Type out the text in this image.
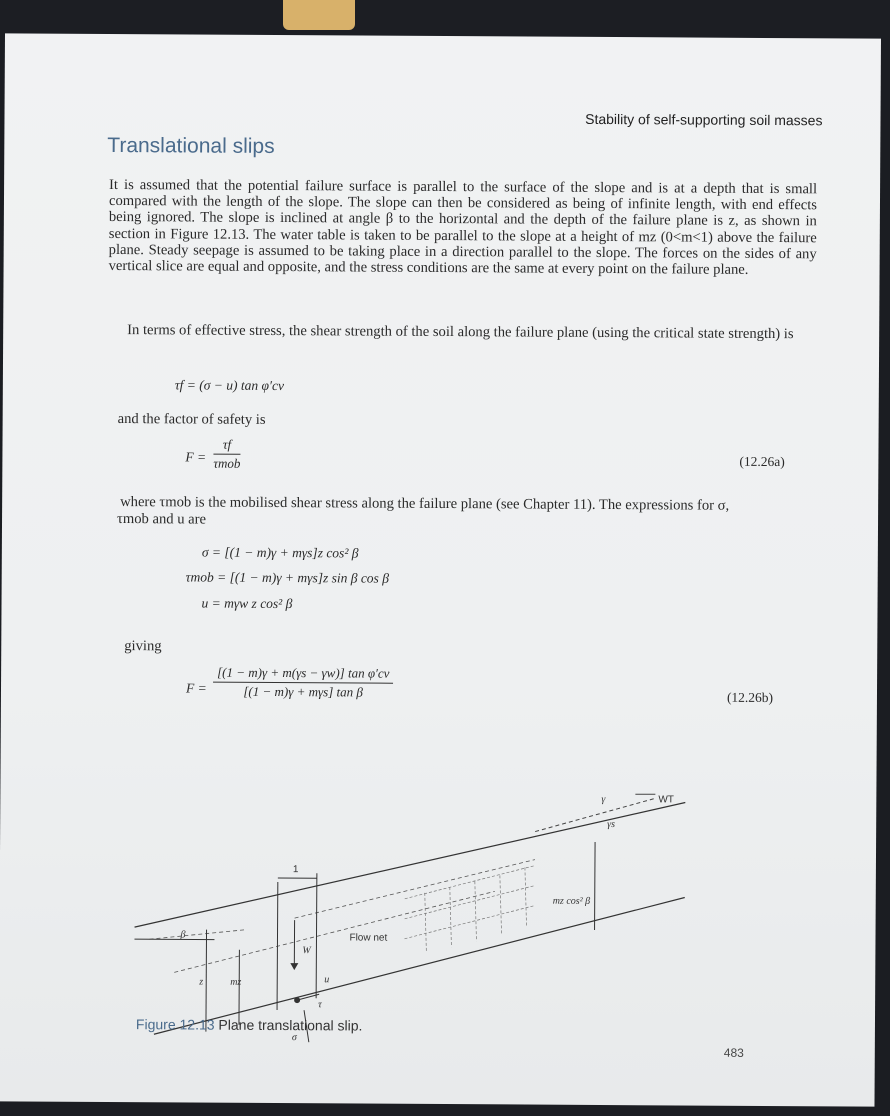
Stability of self-supporting soil masses
Translational slips
It is assumed that the potential failure surface is parallel to the surface of the slope and is at a depth that is small compared with the length of the slope. The slope can then be considered as being of infinite length, with end effects being ignored. The slope is inclined at angle β to the horizontal and the depth of the failure plane is z, as shown in section in Figure 12.13. The water table is taken to be parallel to the slope at a height of mz (0<m<1) above the failure plane. Steady seepage is assumed to be taking place in a direction parallel to the slope. The forces on the sides of any vertical slice are equal and opposite, and the stress conditions are the same at every point on the failure plane.
In terms of effective stress, the shear strength of the soil along the failure plane (using the critical state strength) is
τf = (σ − u) tan φ′cv
and the factor of safety is
F =
τf
τmob	(12.26a)
where τmob is the mobilised shear stress along the failure plane (see Chapter 11). The expressions for σ,
τmob and u are
σ = [(1 − m)γ + mγs]z cos² β
τmob = [(1 − m)γ + mγs]z sin β cos β
u = mγw z cos² β
giving
F =
[(1 − m)γ + m(γs − γw)] tan φ′cv
[(1 − m)γ + mγs] tan β	(12.26b)
WT
γ
γs
β	Flow net
1
W
u
τ
σ
z	mz
mz cos² β
Figure 12.13 Plane translational slip.
483
